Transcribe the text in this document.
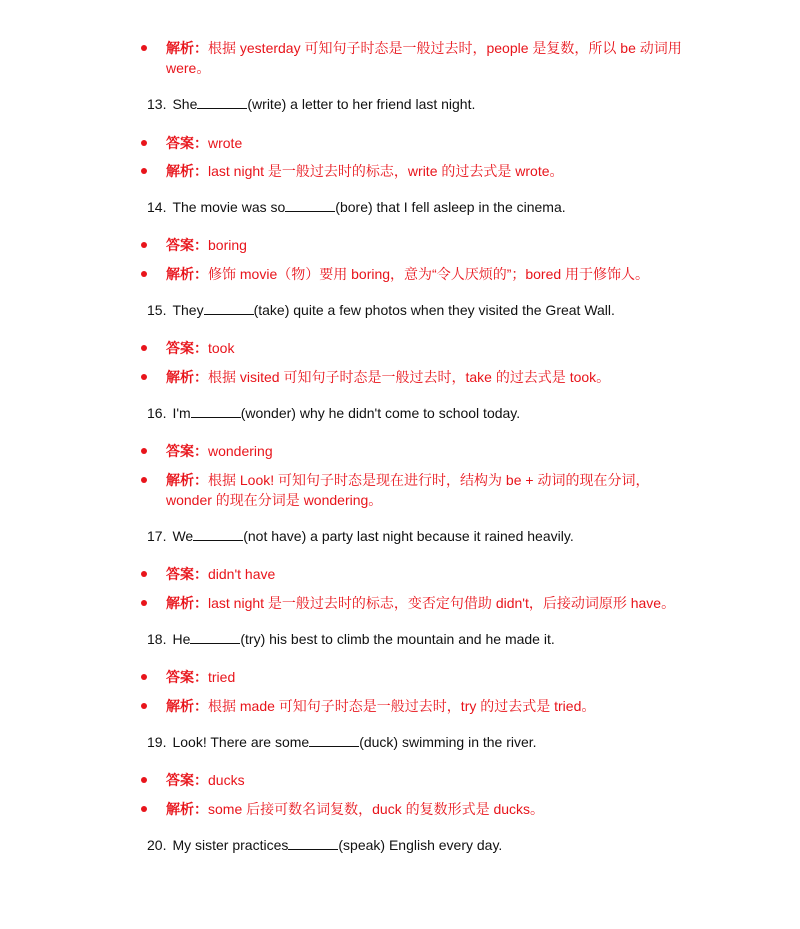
解析：根据 yesterday 可知句子时态是一般过去时，people 是复数，所以 be 动词用 were。
13. She	(write) a letter to her friend last night.
答案：wrote
解析：last night 是一般过去时的标志，write 的过去式是 wrote。
14. The movie was so	(bore) that I fell asleep in the cinema.
答案：boring
解析：修饰 movie（物）要用 boring，意为“令人厌烦的”；bored 用于修饰人。
15. They	(take) quite a few photos when they visited the Great Wall.
答案：took
解析：根据 visited 可知句子时态是一般过去时，take 的过去式是 took。
16. I'm	(wonder) why he didn't come to school today.
答案：wondering
解析：根据 Look! 可知句子时态是现在进行时，结构为 be + 动词的现在分词，wonder 的现在分词是 wondering。
17. We	(not have) a party last night because it rained heavily.
答案：didn't have
解析：last night 是一般过去时的标志，变否定句借助 didn't，后接动词原形 have。
18. He	(try) his best to climb the mountain and he made it.
答案：tried
解析：根据 made 可知句子时态是一般过去时，try 的过去式是 tried。
19. Look! There are some	(duck) swimming in the river.
答案：ducks
解析：some 后接可数名词复数，duck 的复数形式是 ducks。
20. My sister practices	(speak) English every day.
